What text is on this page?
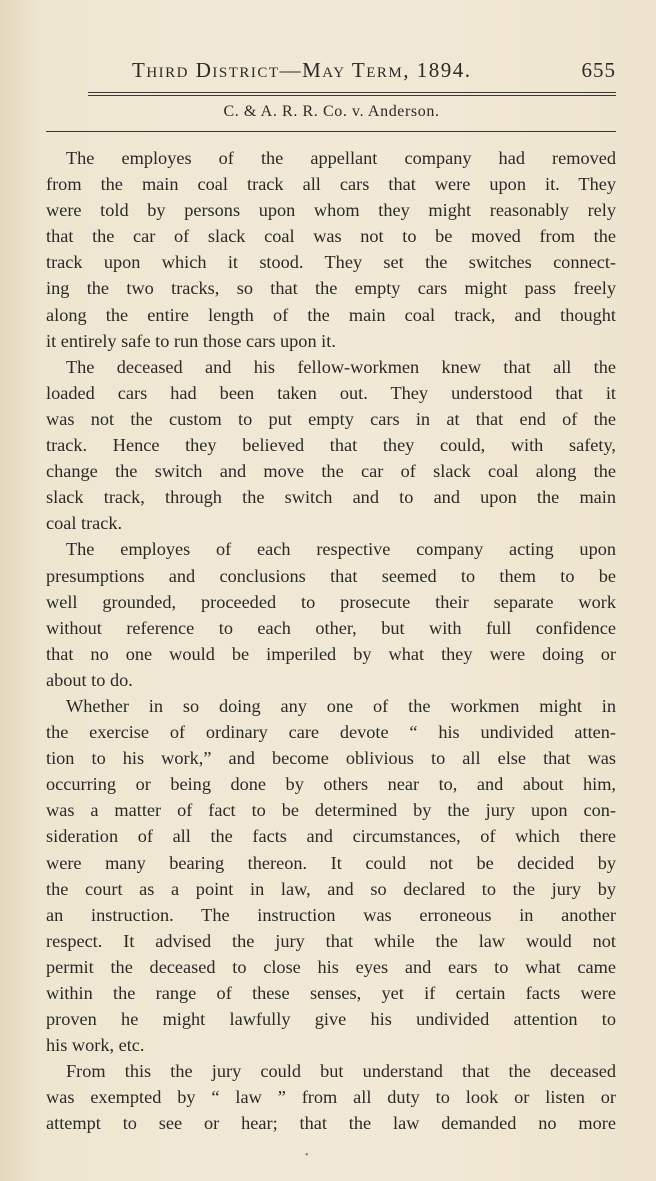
Third District—May Term, 1894.	655
C. & A. R. R. Co. v. Anderson.
The employes of the appellant company had removed
from the main coal track all cars that were upon it. They
were told by persons upon whom they might reasonably rely
that the car of slack coal was not to be moved from the
track upon which it stood. They set the switches connect-
ing the two tracks, so that the empty cars might pass freely
along the entire length of the main coal track, and thought
it entirely safe to run those cars upon it.
The deceased and his fellow-workmen knew that all the
loaded cars had been taken out. They understood that it
was not the custom to put empty cars in at that end of the
track. Hence they believed that they could, with safety,
change the switch and move the car of slack coal along the
slack track, through the switch and to and upon the main
coal track.
The employes of each respective company acting upon
presumptions and conclusions that seemed to them to be
well grounded, proceeded to prosecute their separate work
without reference to each other, but with full confidence
that no one would be imperiled by what they were doing or
about to do.
Whether in so doing any one of the workmen might in
the exercise of ordinary care devote “ his undivided atten-
tion to his work,” and become oblivious to all else that was
occurring or being done by others near to, and about him,
was a matter of fact to be determined by the jury upon con-
sideration of all the facts and circumstances, of which there
were many bearing thereon. It could not be decided by
the court as a point in law, and so declared to the jury by
an instruction. The instruction was erroneous in another
respect. It advised the jury that while the law would not
permit the deceased to close his eyes and ears to what came
within the range of these senses, yet if certain facts were
proven he might lawfully give his undivided attention to
his work, etc.
From this the jury could but understand that the deceased
was exempted by “ law ” from all duty to look or listen or
attempt to see or hear; that the law demanded no more
•
